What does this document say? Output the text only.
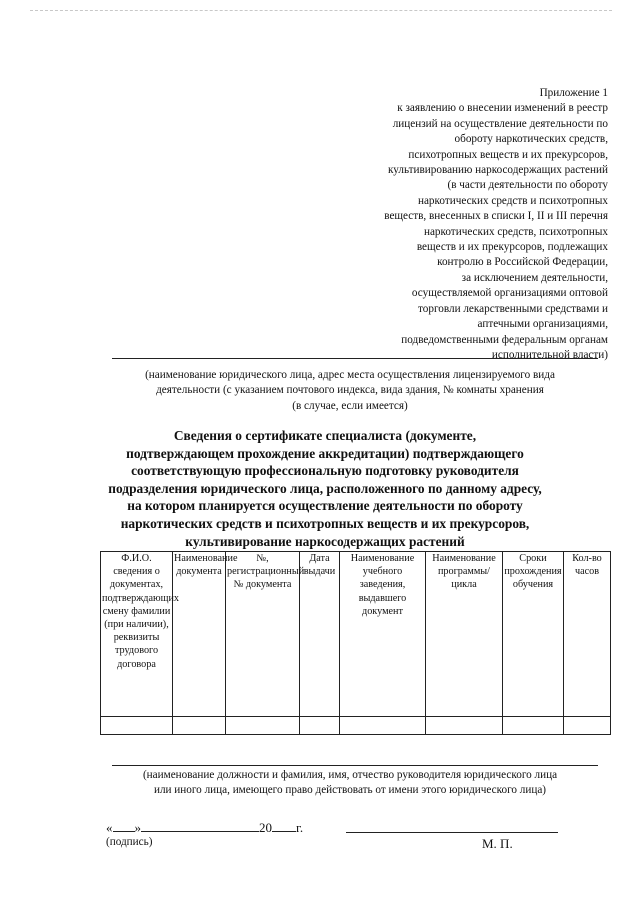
Приложение 1
к заявлению о внесении изменений в реестр
лицензий на осуществление деятельности по
обороту наркотических средств,
психотропных веществ и их прекурсоров,
культивированию наркосодержащих растений
(в части деятельности по обороту
наркотических средств и психотропных
веществ, внесенных в списки I, II и III перечня
наркотических средств, психотропных
веществ и их прекурсоров, подлежащих
контролю в Российской Федерации,
за исключением деятельности,
осуществляемой организациями оптовой
торговли лекарственными средствами и
аптечными организациями,
подведомственными федеральным органам
исполнительной власти)
(наименование юридического лица, адрес места осуществления лицензируемого вида
деятельности (с указанием почтового индекса, вида здания, № комнаты хранения
(в случае, если имеется)
Сведения о сертификате специалиста (документе,
подтверждающем прохождение аккредитации) подтверждающего
соответствующую профессиональную подготовку руководителя
подразделения юридического лица, расположенного по данному адресу,
на котором планируется осуществление деятельности по обороту
наркотических средств и психотропных веществ и их прекурсоров,
культивирование наркосодержащих растений
Ф.И.О. сведения о документах, подтверждающих смену фамилии (при наличии), реквизиты трудового договора	Наименование документа	№, регистрационный № документа	Дата выдачи	Наименование учебного заведения, выдавшего документ	Наименование программы/ цикла	Сроки прохождения обучения	Кол-во часов

(наименование должности и фамилия, имя, отчество руководителя юридического лица
или иного лица, имеющего право действовать от имени этого юридического лица)
« »	20 г.
(подпись)	М. П.
